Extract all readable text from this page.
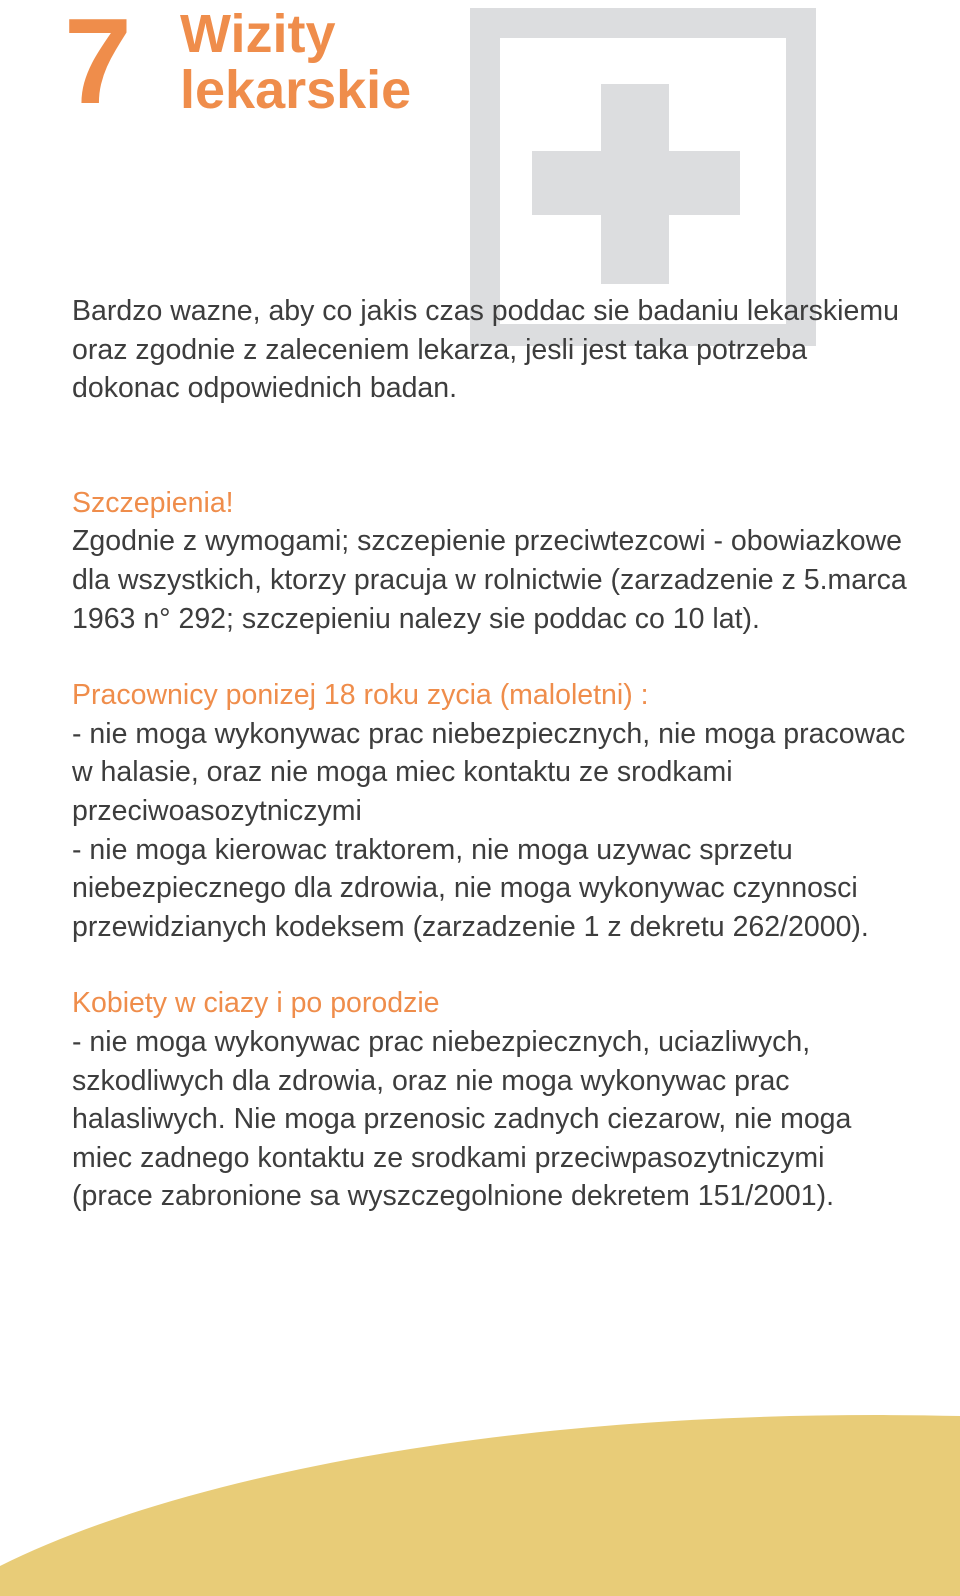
7 Wizity
lekarskie

Bardzo wazne, aby co jakis czas poddac sie badaniu lekarskiemu oraz zgodnie z zaleceniem lekarza, jesli jest taka potrzeba dokonac odpowiednich badan.

Szczepienia!

Zgodnie z wymogami; szczepienie przeciwtezcowi - obowiazkowe dla wszystkich, ktorzy pracuja w rolnictwie (zarzadzenie z 5.marca 1963 n° 292; szczepieniu nalezy sie poddac co 10 lat).

Pracownicy ponizej 18 roku zycia (maloletni) :

- nie moga wykonywac prac niebezpiecznych, nie moga pracowac w halasie, oraz nie moga miec kontaktu ze srodkami przeciwoasozytniczymi

- nie moga kierowac traktorem, nie moga uzywac sprzetu niebezpiecznego dla zdrowia, nie moga wykonywac czynnosci przewidzianych kodeksem (zarzadzenie 1 z dekretu 262/2000).

Kobiety w ciazy i po porodzie

- nie moga wykonywac prac niebezpiecznych, uciazliwych, szkodliwych dla zdrowia, oraz nie moga wykonywac prac halasliwych. Nie moga przenosic zadnych ciezarow, nie moga miec zadnego kontaktu ze srodkami przeciwpasozytniczymi (prace zabronione sa wyszczegolnione dekretem 151/2001).
